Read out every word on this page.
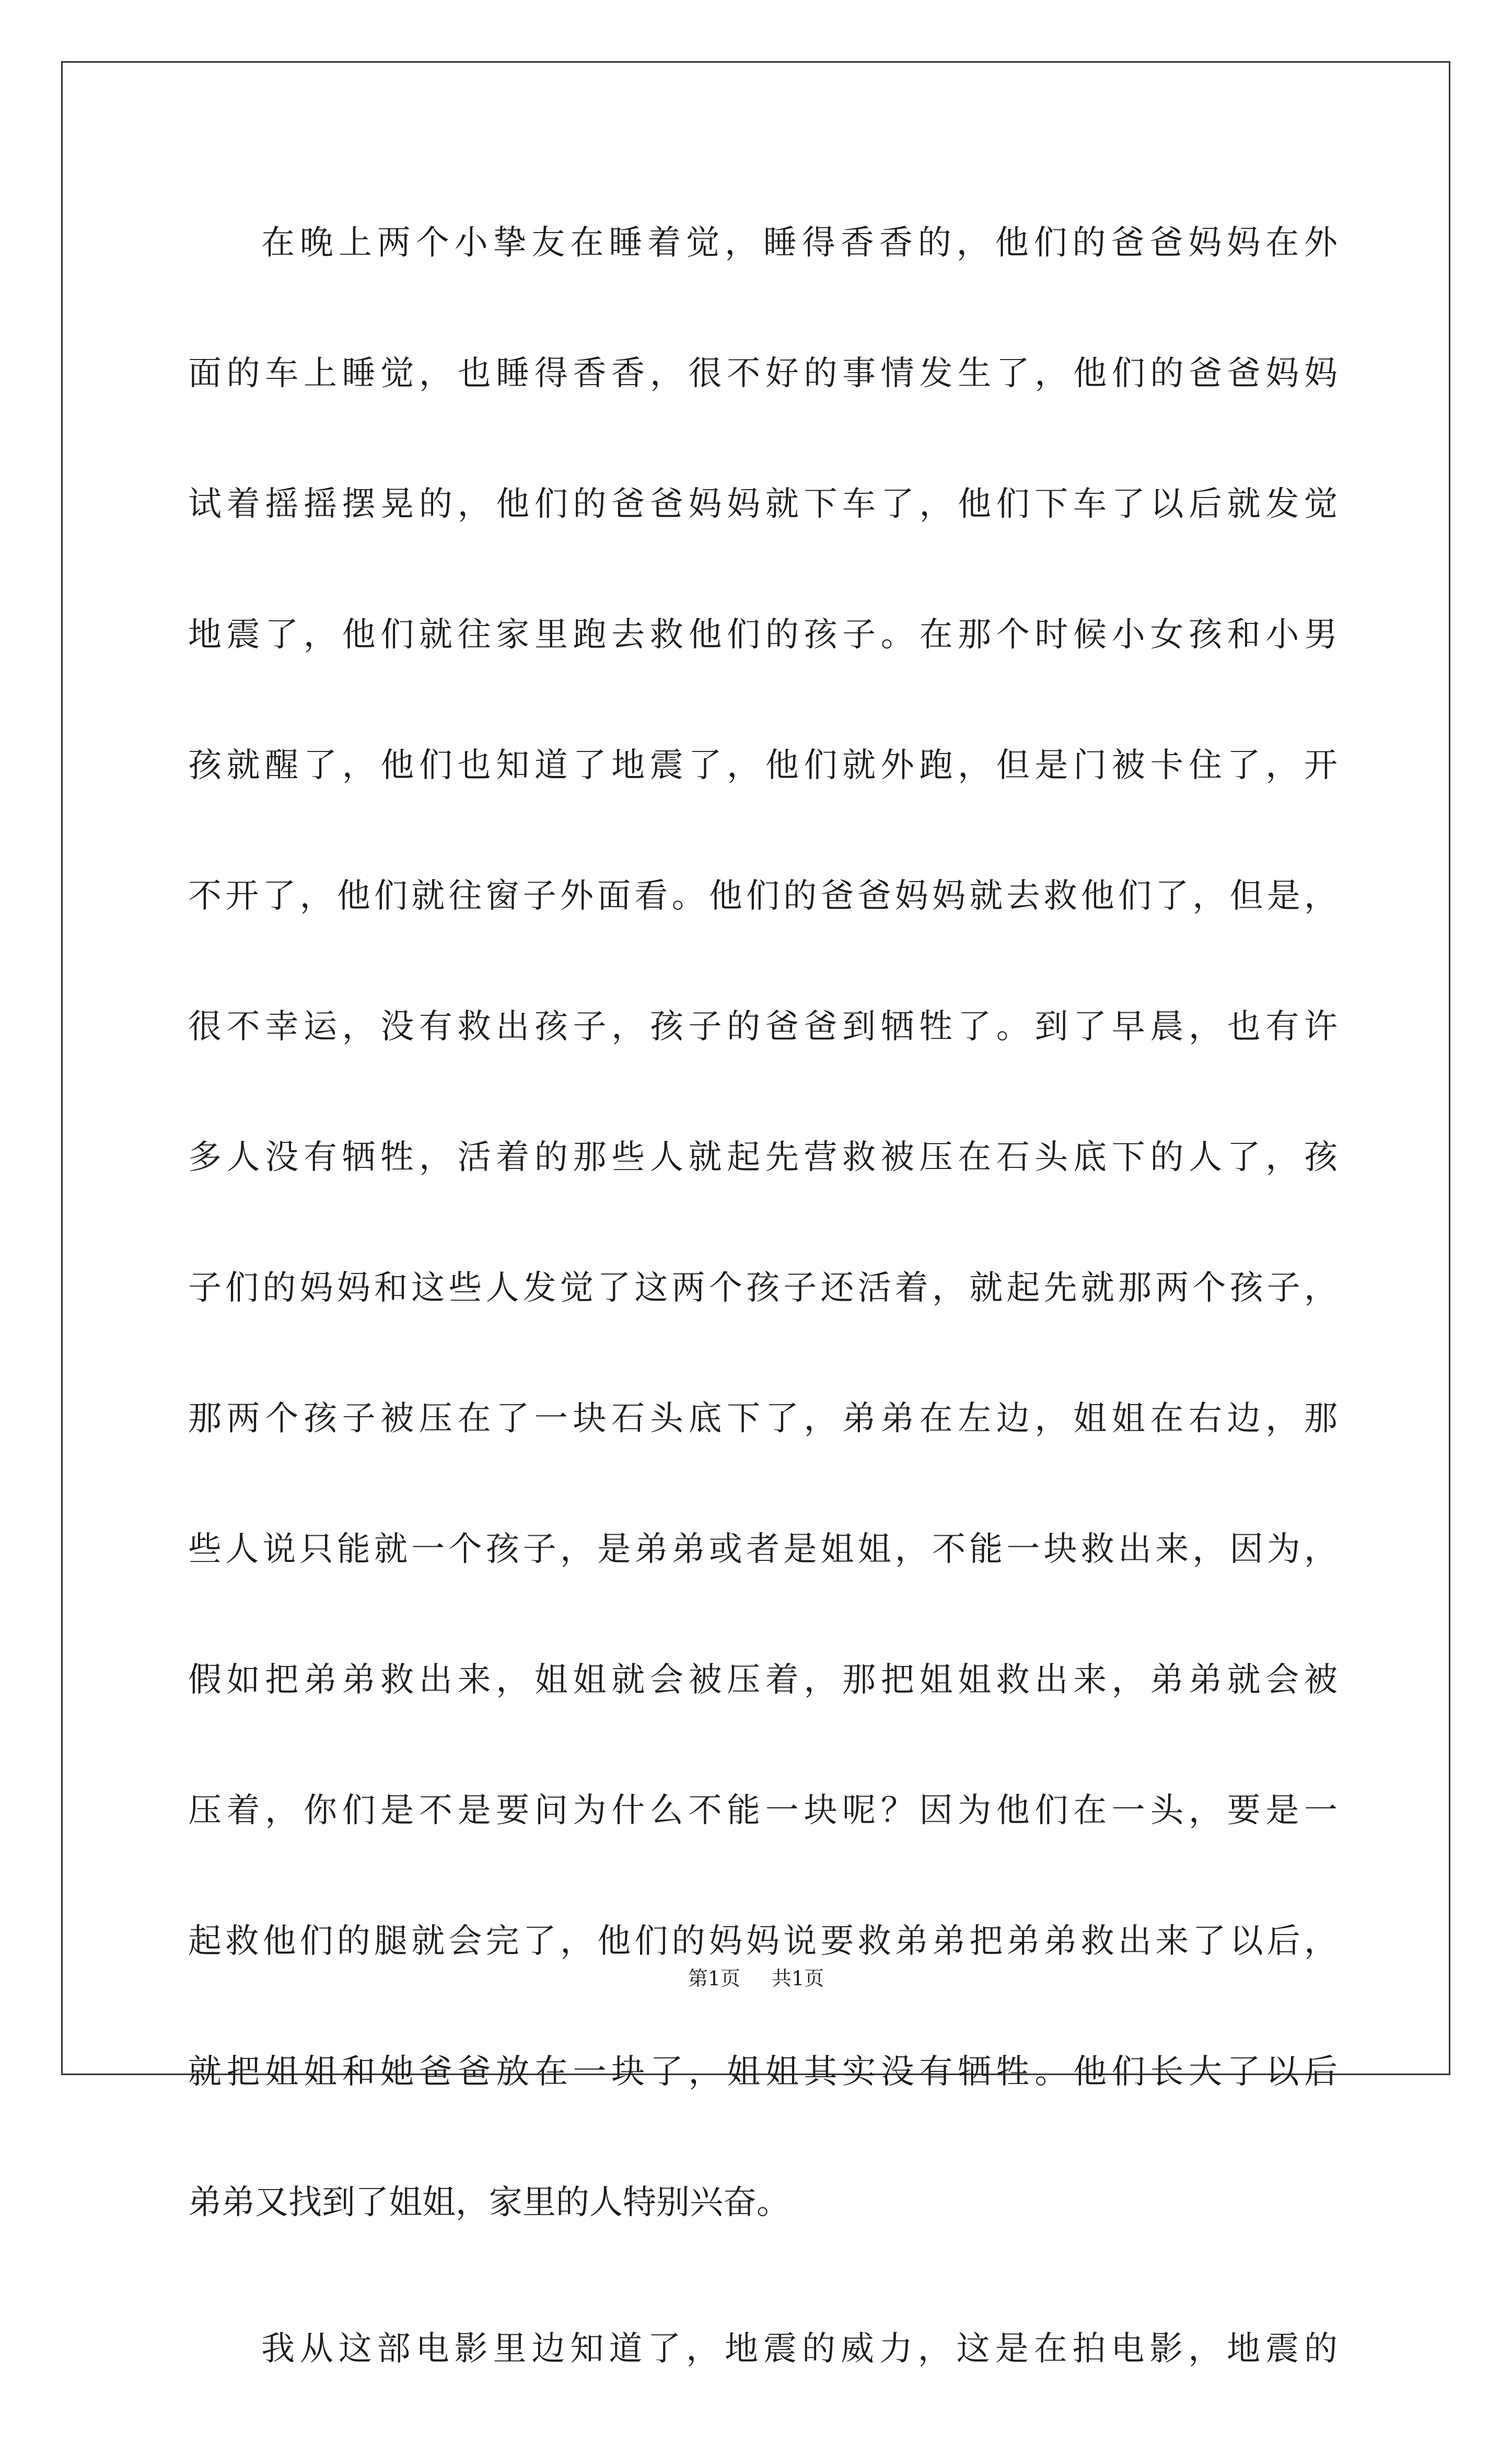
在晚上两个小挚友在睡着觉，睡得香香的，他们的爸爸妈妈在外
面的车上睡觉，也睡得香香，很不好的事情发生了，他们的爸爸妈妈
试着摇摇摆晃的，他们的爸爸妈妈就下车了，他们下车了以后就发觉
地震了，他们就往家里跑去救他们的孩子。在那个时候小女孩和小男
孩就醒了，他们也知道了地震了，他们就外跑，但是门被卡住了，开
不开了，他们就往窗子外面看。他们的爸爸妈妈就去救他们了，但是，
很不幸运，没有救出孩子，孩子的爸爸到牺牲了。到了早晨，也有许
多人没有牺牲，活着的那些人就起先营救被压在石头底下的人了，孩
子们的妈妈和这些人发觉了这两个孩子还活着，就起先就那两个孩子，
那两个孩子被压在了一块石头底下了，弟弟在左边，姐姐在右边，那
些人说只能就一个孩子，是弟弟或者是姐姐，不能一块救出来，因为，
假如把弟弟救出来，姐姐就会被压着，那把姐姐救出来，弟弟就会被
压着，你们是不是要问为什么不能一块呢？因为他们在一头，要是一
起救他们的腿就会完了，他们的妈妈说要救弟弟把弟弟救出来了以后，
就把姐姐和她爸爸放在一块了，姐姐其实没有牺牲。他们长大了以后
弟弟又找到了姐姐，家里的人特别兴奋。
我从这部电影里边知道了，地震的威力，这是在拍电影，地震的
第1页 共1页
